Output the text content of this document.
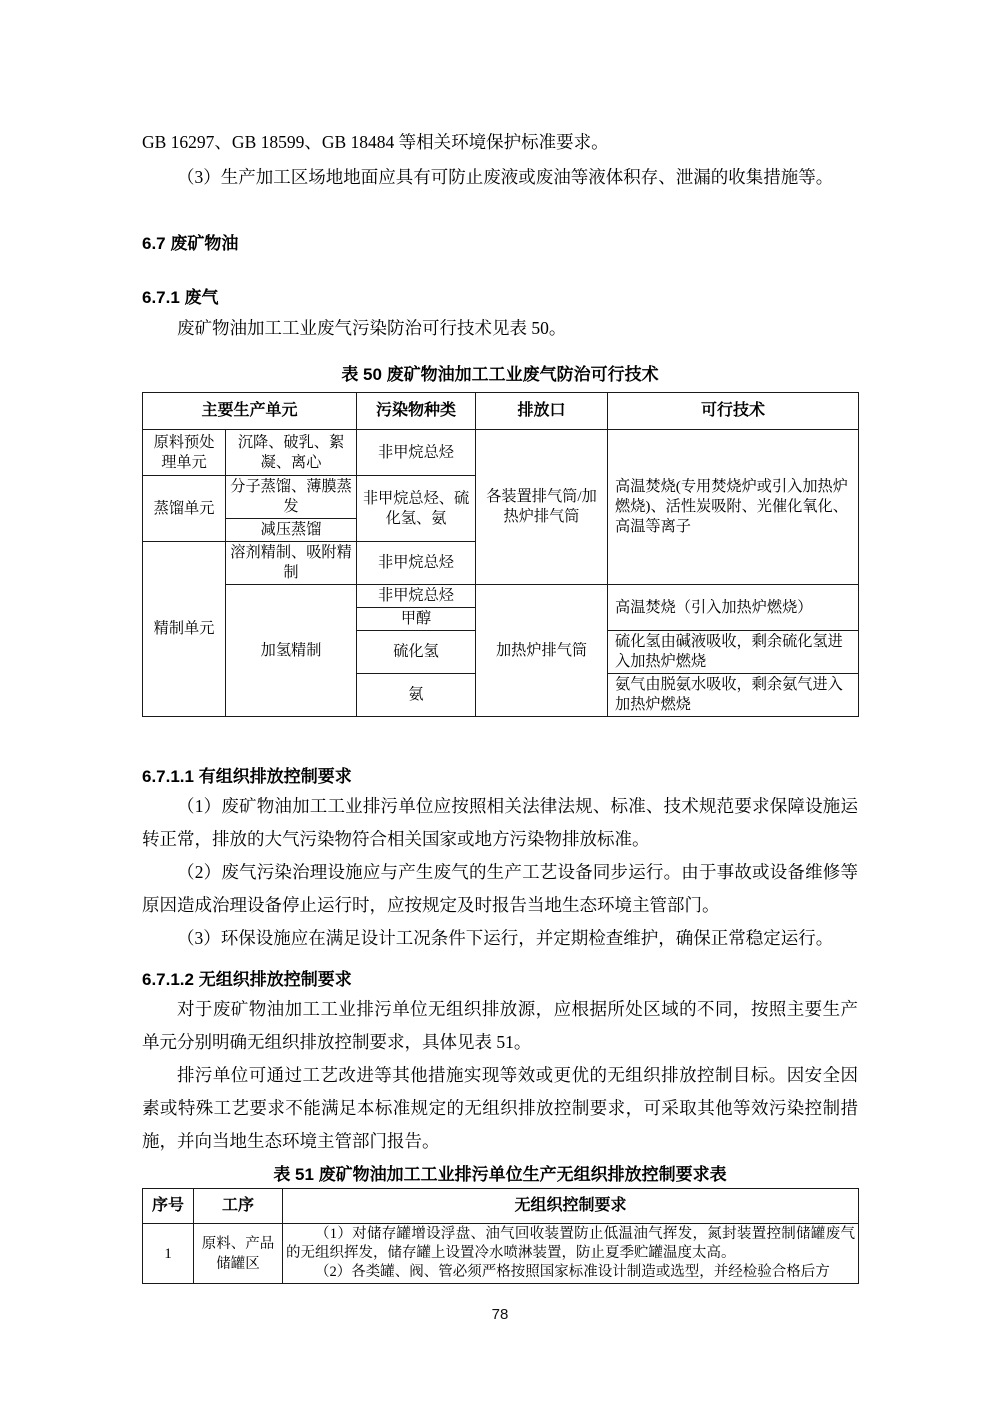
GB 16297、GB 18599、GB 18484 等相关环境保护标准要求。

（3）生产加工区场地地面应具有可防止废液或废油等液体积存、泄漏的收集措施等。

6.7 废矿物油
6.7.1 废气

废矿物油加工工业废气污染防治可行技术见表 50。

表 50 废矿物油加工工业废气防治可行技术

主要生产单元		污染物种类	排放口	可行技术
原料预处理单元	沉降、破乳、絮凝、离心	非甲烷总烃	各装置排气筒/加热炉排气筒	高温焚烧(专用焚烧炉或引入加热炉燃烧)、活性炭吸附、光催化氧化、高温等离子
蒸馏单元	分子蒸馏、薄膜蒸发	非甲烷总烃、硫化氢、氨		
	减压蒸馏			
精制单元	溶剂精制、吸附精制	非甲烷总烃		
	加氢精制	非甲烷总烃	加热炉排气筒	高温焚烧（引入加热炉燃烧）
		甲醇		
		硫化氢		硫化氢由碱液吸收，剩余硫化氢进入加热炉燃烧
		氨		氨气由脱氨水吸收，剩余氨气进入加热炉燃烧
6.7.1.1 有组织排放控制要求

（1）废矿物油加工工业排污单位应按照相关法律法规、标准、技术规范要求保障设施运转正常，排放的大气污染物符合相关国家或地方污染物排放标准。

（2）废气污染治理设施应与产生废气的生产工艺设备同步运行。由于事故或设备维修等原因造成治理设备停止运行时，应按规定及时报告当地生态环境主管部门。

（3）环保设施应在满足设计工况条件下运行，并定期检查维护，确保正常稳定运行。

6.7.1.2 无组织排放控制要求

对于废矿物油加工工业排污单位无组织排放源，应根据所处区域的不同，按照主要生产单元分别明确无组织排放控制要求，具体见表 51。

排污单位可通过工艺改进等其他措施实现等效或更优的无组织排放控制目标。因安全因素或特殊工艺要求不能满足本标准规定的无组织排放控制要求，可采取其他等效污染控制措施，并向当地生态环境主管部门报告。

表 51 废矿物油加工工业排污单位生产无组织排放控制要求表

序号	工序	无组织控制要求
1	原料、产品储罐区	（1）对储存罐增设浮盘、油气回收装置防止低温油气挥发，氮封装置控制储罐废气的无组织挥发，储存罐上设置冷水喷淋装置，防止夏季贮罐温度太高。

（2）各类罐、阀、管必须严格按照国家标准设计制造或选型，并经检验合格后方

78
